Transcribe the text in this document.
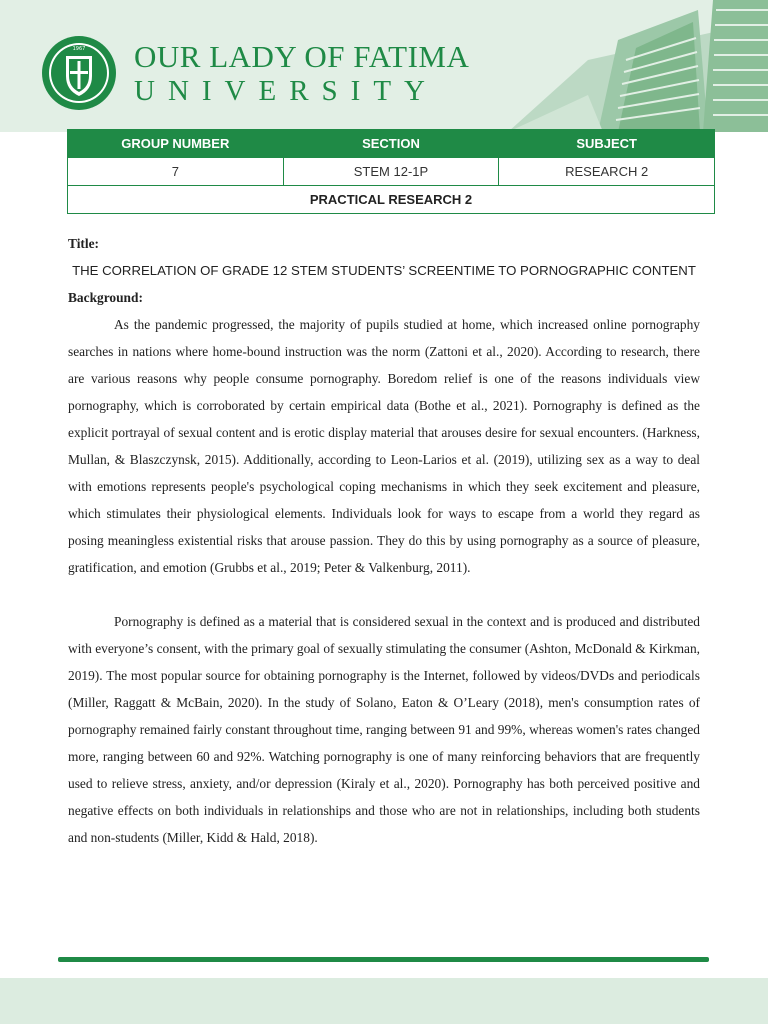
1967 OUR LADY OF FATIMA
UNIVERSITY
GROUP NUMBER	SECTION	SUBJECT
7	STEM 12-1P	RESEARCH 2
PRACTICAL RESEARCH 2		
Title:
THE CORRELATION OF GRADE 12 STEM STUDENTS’ SCREENTIME TO PORNOGRAPHIC CONTENT
Background:

As the pandemic progressed, the majority of pupils studied at home, which increased online pornography searches in nations where home-bound instruction was the norm (Zattoni et al., 2020). According to research, there are various reasons why people consume pornography. Boredom relief is one of the reasons individuals view pornography, which is corroborated by certain empirical data (Bothe et al., 2021). Pornography is defined as the explicit portrayal of sexual content and is erotic display material that arouses desire for sexual encounters. (Harkness, Mullan, & Blaszczynsk, 2015). Additionally, according to Leon-Larios et al. (2019), utilizing sex as a way to deal with emotions represents people's psychological coping mechanisms in which they seek excitement and pleasure, which stimulates their physiological elements. Individuals look for ways to escape from a world they regard as posing meaningless existential risks that arouse passion. They do this by using pornography as a source of pleasure, gratification, and emotion (Grubbs et al., 2019; Peter & Valkenburg, 2011).

Pornography is defined as a material that is considered sexual in the context and is produced and distributed with everyone’s consent, with the primary goal of sexually stimulating the consumer (Ashton, McDonald & Kirkman, 2019). The most popular source for obtaining pornography is the Internet, followed by videos/DVDs and periodicals (Miller, Raggatt & McBain, 2020). In the study of Solano, Eaton & O’Leary (2018), men's consumption rates of pornography remained fairly constant throughout time, ranging between 91 and 99%, whereas women's rates changed more, ranging between 60 and 92%. Watching pornography is one of many reinforcing behaviors that are frequently used to relieve stress, anxiety, and/or depression (Kiraly et al., 2020). Pornography has both perceived positive and negative effects on both individuals in relationships and those who are not in relationships, including both students and non-students (Miller, Kidd & Hald, 2018).
